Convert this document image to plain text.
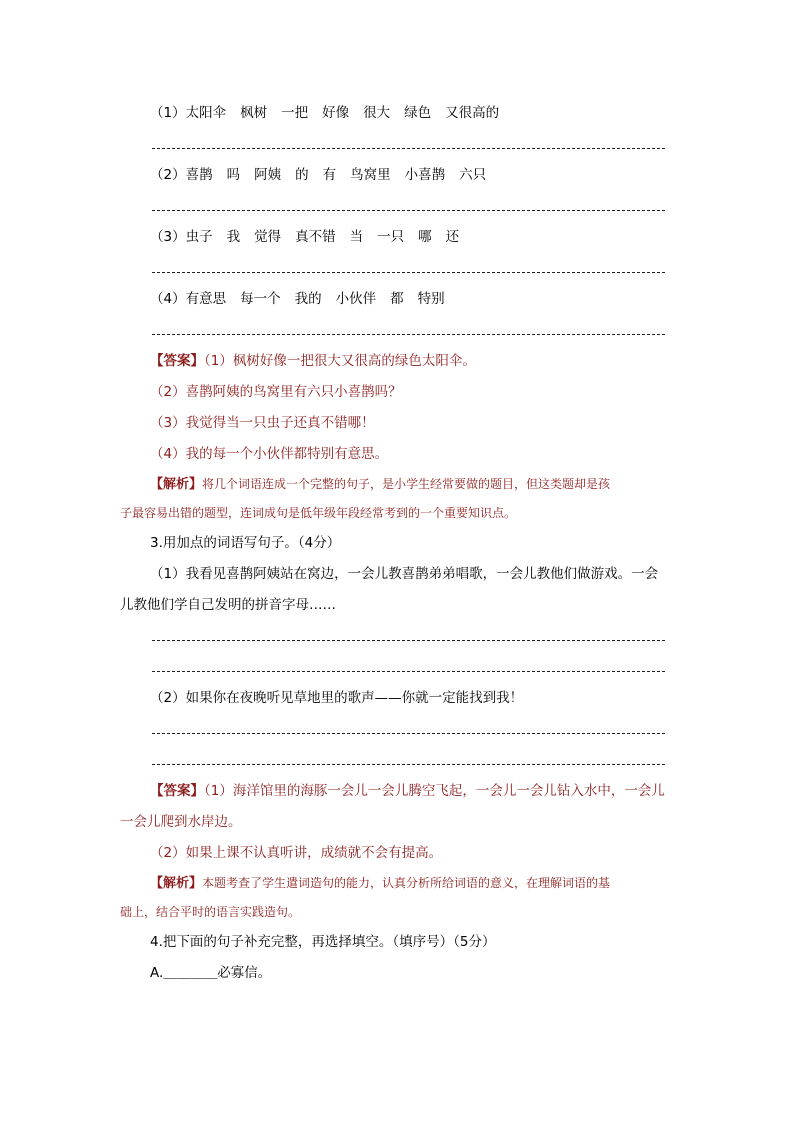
（1）太阳伞 枫树 一把 好像 很大 绿色 又很高的
（2）喜鹊 吗 阿姨 的 有 鸟窝里 小喜鹊 六只
（3）虫子 我 觉得 真不错 当 一只 哪 还
（4）有意思 每一个 我的 小伙伴 都 特别
【答案】（1）枫树好像一把很大又很高的绿色太阳伞。
（2）喜鹊阿姨的鸟窝里有六只小喜鹊吗？
（3）我觉得当一只虫子还真不错哪！
（4）我的每一个小伙伴都特别有意思。
【解析】将几个词语连成一个完整的句子，是小学生经常要做的题目，但这类题却是孩
子最容易出错的题型，连词成句是低年级年段经常考到的一个重要知识点。
3.用加点的词语写句子。（4分）
（1）我看见喜鹊阿姨站在窝边，一会儿教喜鹊弟弟唱歌，一会儿教他们做游戏。一会
儿教他们学自己发明的拼音字母……
（2）如果你在夜晚听见草地里的歌声——你就一定能找到我！
【答案】（1）海洋馆里的海豚一会儿一会儿腾空飞起，一会儿一会儿钻入水中，一会儿
一会儿爬到水岸边。
（2）如果上课不认真听讲，成绩就不会有提高。
【解析】本题考查了学生遣词造句的能力，认真分析所给词语的意义，在理解词语的基
础上，结合平时的语言实践造句。
4.把下面的句子补充完整，再选择填空。（填序号）（5分）
A.＿＿＿＿必寡信。
